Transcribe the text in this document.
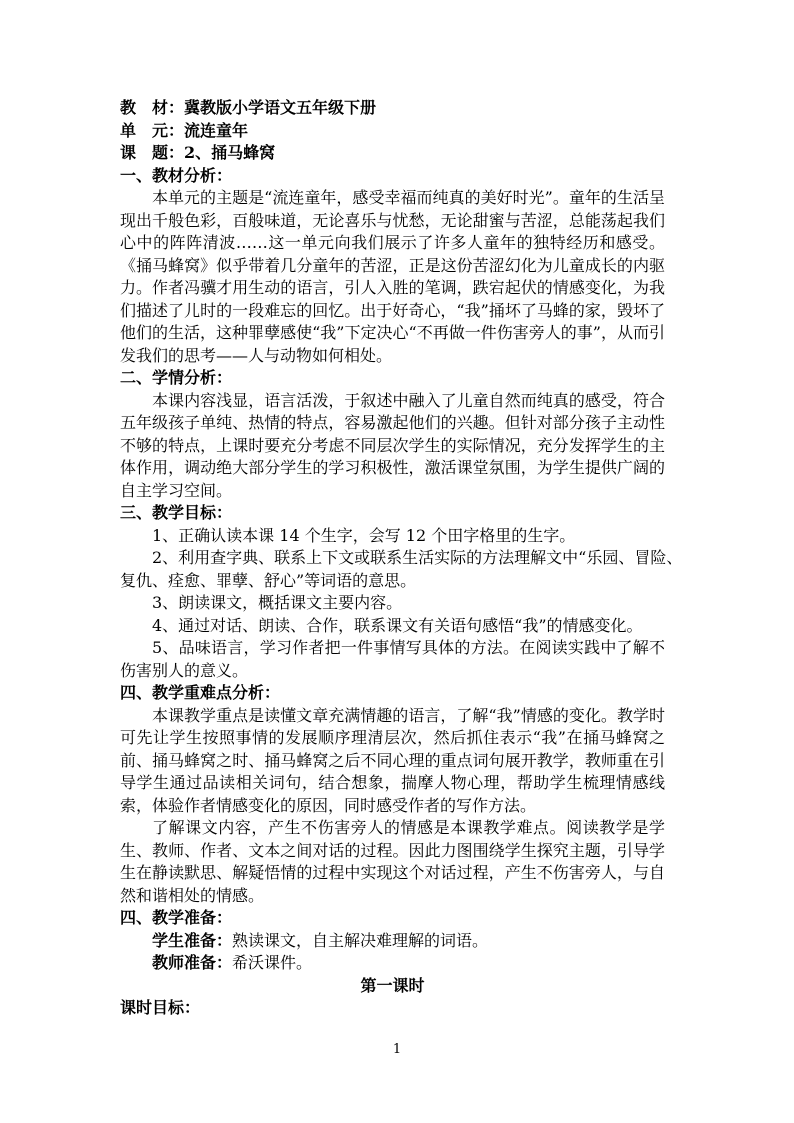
教　材：冀教版小学语文五年级下册
单　元：流连童年
课　题：2、捅马蜂窝
一、教材分析：

本单元的主题是“流连童年，感受幸福而纯真的美好时光”。童年的生活呈现出千般色彩，百般味道，无论喜乐与忧愁，无论甜蜜与苦涩，总能荡起我们心中的阵阵清波……这一单元向我们展示了许多人童年的独特经历和感受。《捅马蜂窝》似乎带着几分童年的苦涩，正是这份苦涩幻化为儿童成长的内驱力。作者冯骥才用生动的语言，引人入胜的笔调，跌宕起伏的情感变化，为我们描述了儿时的一段难忘的回忆。出于好奇心，“我”捅坏了马蜂的家，毁坏了他们的生活，这种罪孽感使“我”下定决心“不再做一件伤害旁人的事”，从而引发我们的思考——人与动物如何相处。

二、学情分析：

本课内容浅显，语言活泼，于叙述中融入了儿童自然而纯真的感受，符合五年级孩子单纯、热情的特点，容易激起他们的兴趣。但针对部分孩子主动性不够的特点，上课时要充分考虑不同层次学生的实际情况，充分发挥学生的主体作用，调动绝大部分学生的学习积极性，激活课堂氛围，为学生提供广阔的自主学习空间。

三、教学目标：
1、正确认读本课 14 个生字，会写 12 个田字格里的生字。
2、利用查字典、联系上下文或联系生活实际的方法理解文中“乐园、冒险、
复仇、痊愈、罪孽、舒心”等词语的意思。
3、朗读课文，概括课文主要内容。
4、通过对话、朗读、合作，联系课文有关语句感悟“我”的情感变化。

5、品味语言，学习作者把一件事情写具体的方法。在阅读实践中了解不伤害别人的意义。

四、教学重难点分析：

本课教学重点是读懂文章充满情趣的语言，了解“我”情感的变化。教学时可先让学生按照事情的发展顺序理清层次，然后抓住表示“我”在捅马蜂窝之前、捅马蜂窝之时、捅马蜂窝之后不同心理的重点词句展开教学，教师重在引导学生通过品读相关词句，结合想象，揣摩人物心理，帮助学生梳理情感线索，体验作者情感变化的原因，同时感受作者的写作方法。

了解课文内容，产生不伤害旁人的情感是本课教学难点。阅读教学是学生、教师、作者、文本之间对话的过程。因此力图围绕学生探究主题，引导学生在静读默思、解疑悟情的过程中实现这个对话过程，产生不伤害旁人，与自然和谐相处的情感。

四、教学准备：
学生准备：熟读课文，自主解决难理解的词语。
教师准备：希沃课件。
第一课时
课时目标：
1
